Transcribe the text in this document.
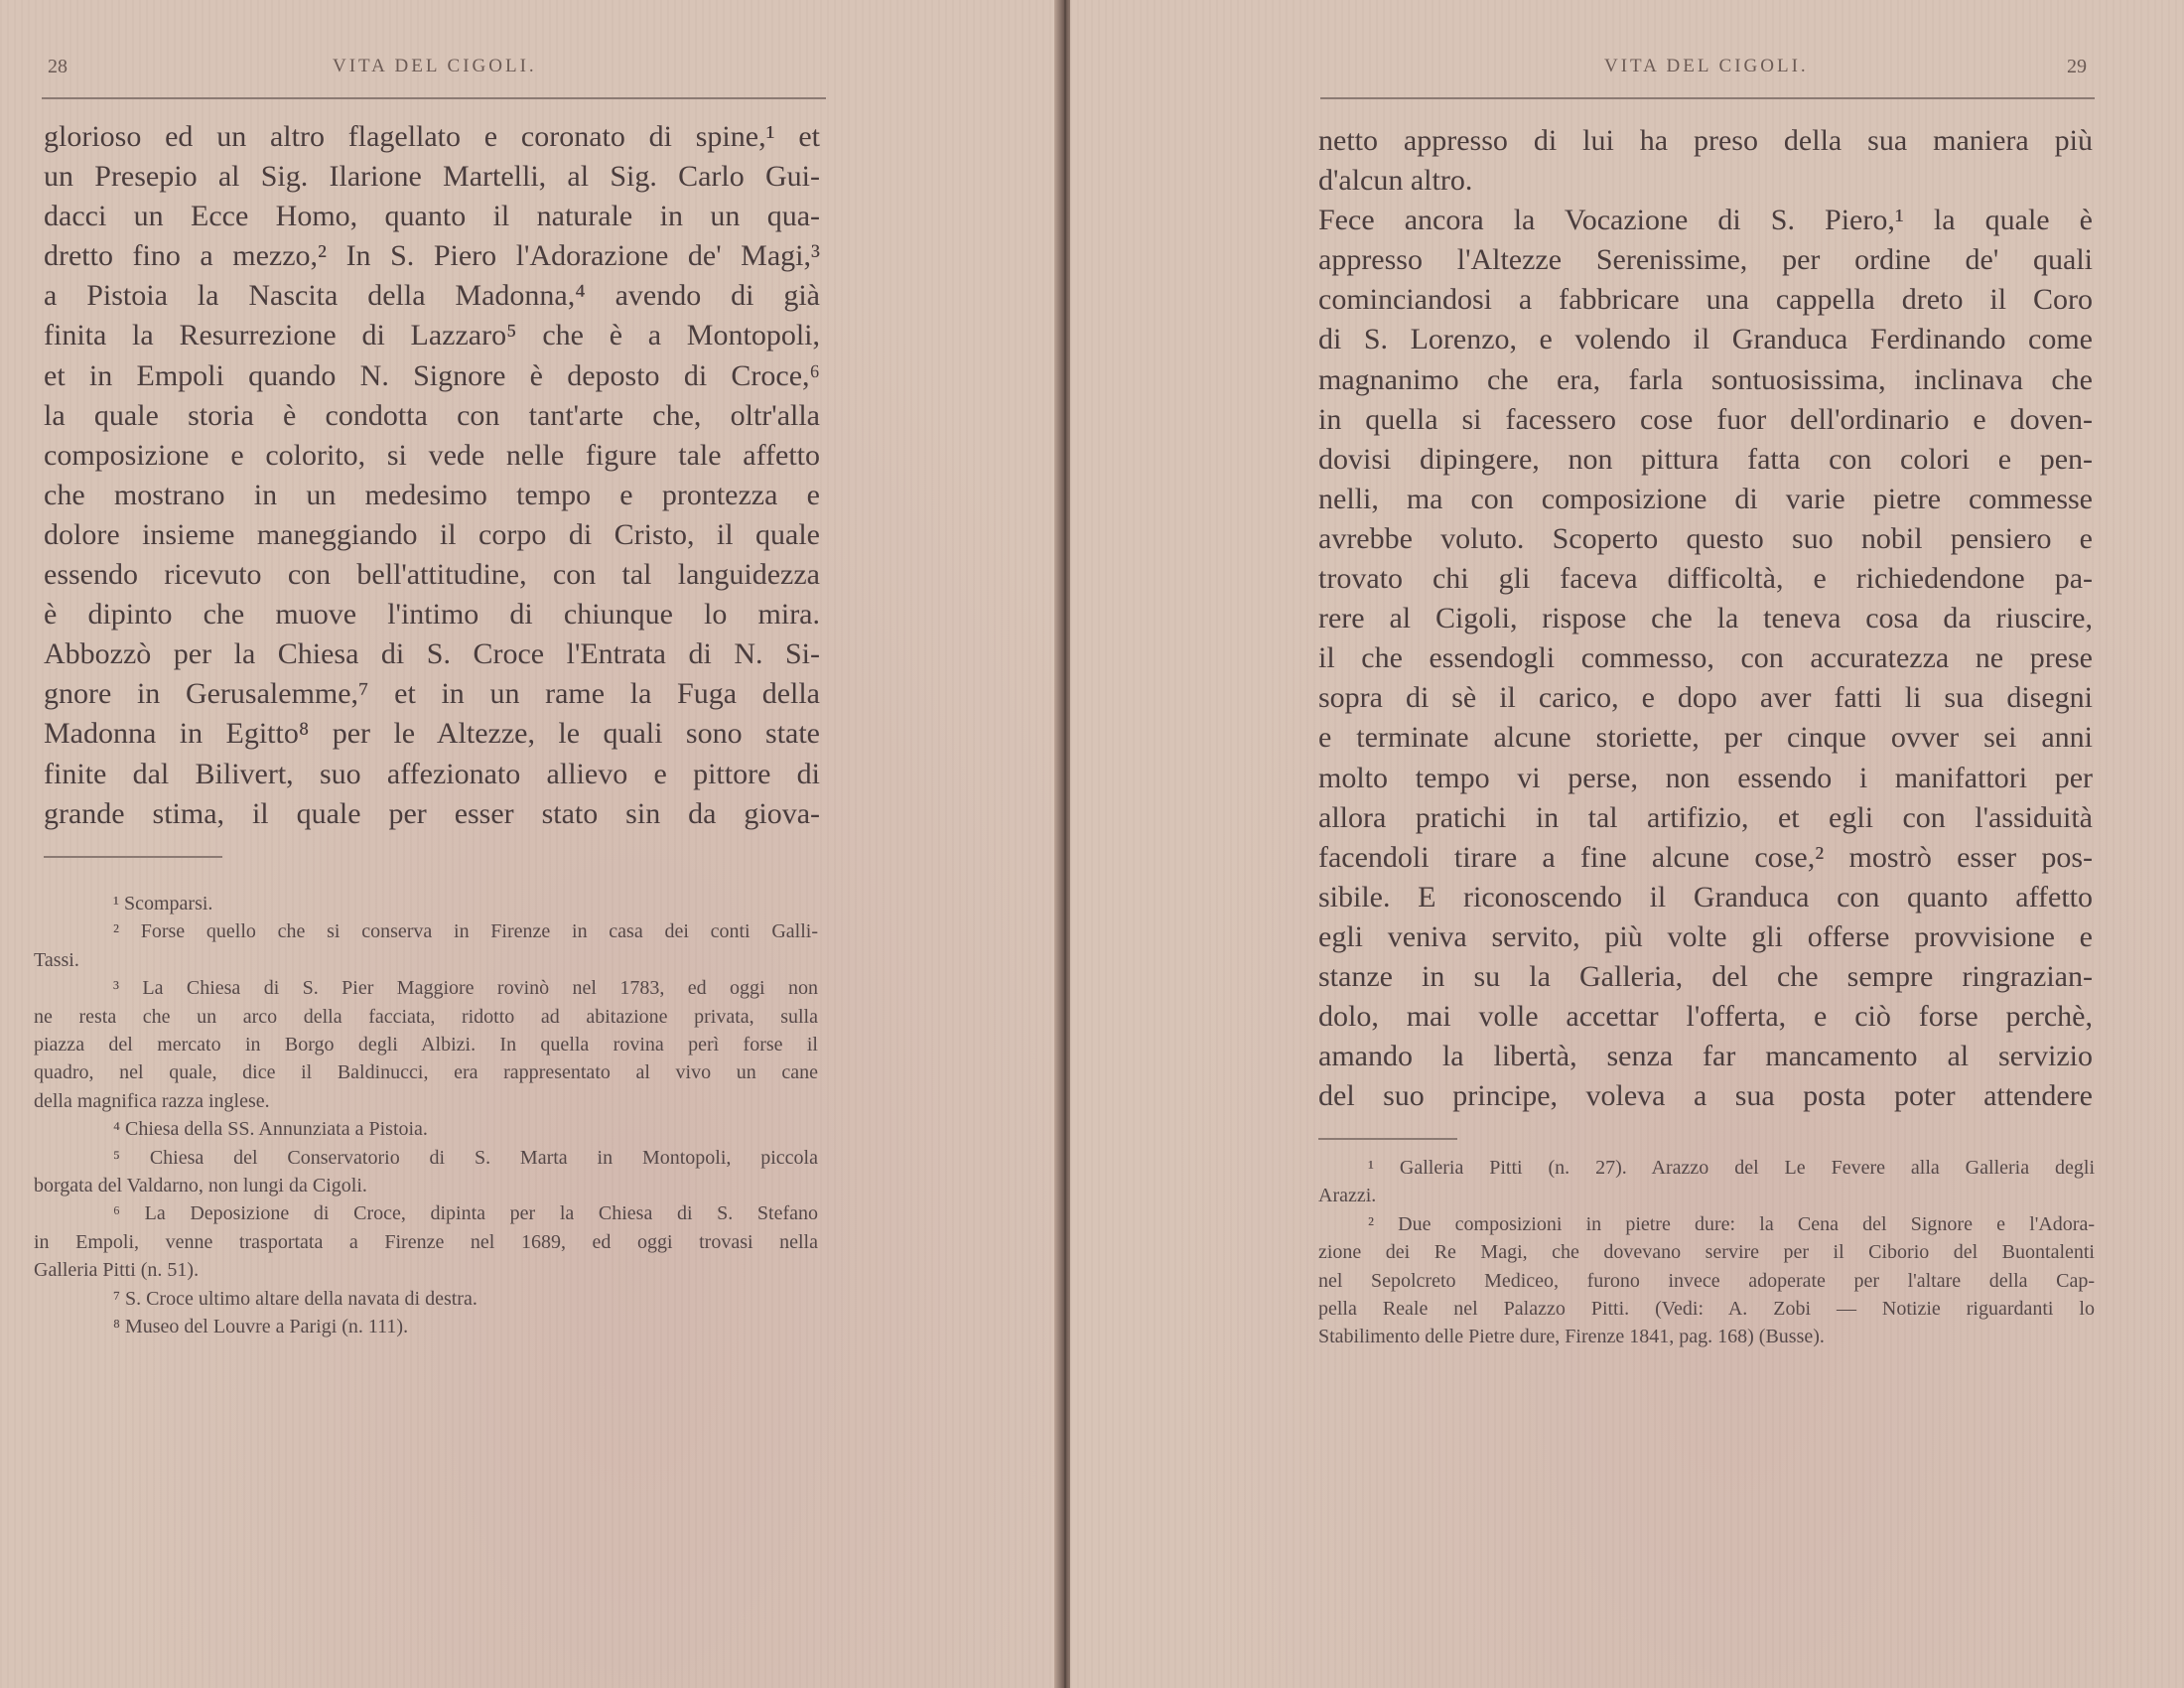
28	VITA DEL CIGOLI.
glorioso ed un altro flagellato e coronato di spine,¹ et
un Presepio al Sig. Ilarione Martelli, al Sig. Carlo Gui-
dacci un Ecce Homo, quanto il naturale in un qua-
dretto fino a mezzo,² In S. Piero l'Adorazione de' Magi,³
a Pistoia la Nascita della Madonna,⁴ avendo di già
finita la Resurrezione di Lazzaro⁵ che è a Montopoli,
et in Empoli quando N. Signore è deposto di Croce,⁶
la quale storia è condotta con tant'arte che, oltr'alla
composizione e colorito, si vede nelle figure tale affetto
che mostrano in un medesimo tempo e prontezza e
dolore insieme maneggiando il corpo di Cristo, il quale
essendo ricevuto con bell'attitudine, con tal languidezza
è dipinto che muove l'intimo di chiunque lo mira.
Abbozzò per la Chiesa di S. Croce l'Entrata di N. Si-
gnore in Gerusalemme,⁷ et in un rame la Fuga della
Madonna in Egitto⁸ per le Altezze, le quali sono state
finite dal Bilivert, suo affezionato allievo e pittore di
grande stima, il quale per esser stato sin da giova-
¹ Scomparsi.
² Forse quello che si conserva in Firenze in casa dei conti Galli-
Tassi.
³ La Chiesa di S. Pier Maggiore rovinò nel 1783, ed oggi non
ne resta che un arco della facciata, ridotto ad abitazione privata, sulla
piazza del mercato in Borgo degli Albizi. In quella rovina perì forse il
quadro, nel quale, dice il Baldinucci, era rappresentato al vivo un cane
della magnifica razza inglese.
⁴ Chiesa della SS. Annunziata a Pistoia.
⁵ Chiesa del Conservatorio di S. Marta in Montopoli, piccola
borgata del Valdarno, non lungi da Cigoli.
⁶ La Deposizione di Croce, dipinta per la Chiesa di S. Stefano
in Empoli, venne trasportata a Firenze nel 1689, ed oggi trovasi nella
Galleria Pitti (n. 51).
⁷ S. Croce ultimo altare della navata di destra.
⁸ Museo del Louvre a Parigi (n. 111).
VITA DEL CIGOLI.	29
netto appresso di lui ha preso della sua maniera più
d'alcun altro.
Fece ancora la Vocazione di S. Piero,¹ la quale è
appresso l'Altezze Serenissime, per ordine de' quali
cominciandosi a fabbricare una cappella dreto il Coro
di S. Lorenzo, e volendo il Granduca Ferdinando come
magnanimo che era, farla sontuosissima, inclinava che
in quella si facessero cose fuor dell'ordinario e doven-
dovisi dipingere, non pittura fatta con colori e pen-
nelli, ma con composizione di varie pietre commesse
avrebbe voluto. Scoperto questo suo nobil pensiero e
trovato chi gli faceva difficoltà, e richiedendone pa-
rere al Cigoli, rispose che la teneva cosa da riuscire,
il che essendogli commesso, con accuratezza ne prese
sopra di sè il carico, e dopo aver fatti li sua disegni
e terminate alcune storiette, per cinque ovver sei anni
molto tempo vi perse, non essendo i manifattori per
allora pratichi in tal artifizio, et egli con l'assiduità
facendoli tirare a fine alcune cose,² mostrò esser pos-
sibile. E riconoscendo il Granduca con quanto affetto
egli veniva servito, più volte gli offerse provvisione e
stanze in su la Galleria, del che sempre ringrazian-
dolo, mai volle accettar l'offerta, e ciò forse perchè,
amando la libertà, senza far mancamento al servizio
del suo principe, voleva a sua posta poter attendere
¹ Galleria Pitti (n. 27). Arazzo del Le Fevere alla Galleria degli
Arazzi.
² Due composizioni in pietre dure: la Cena del Signore e l'Adora-
zione dei Re Magi, che dovevano servire per il Ciborio del Buontalenti
nel Sepolcreto Mediceo, furono invece adoperate per l'altare della Cap-
pella Reale nel Palazzo Pitti. (Vedi: A. Zobi — Notizie riguardanti lo
Stabilimento delle Pietre dure, Firenze 1841, pag. 168) (Busse).
